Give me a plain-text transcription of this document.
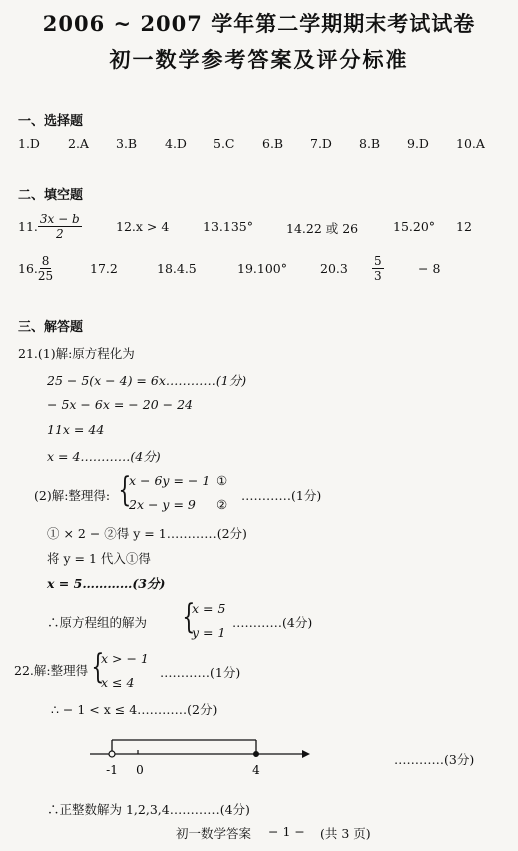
2006 ~ 2007 学年第二学期期末考试试卷
初一数学参考答案及评分标准
一、选择题
1.D 2.A 3.B 4.D 5.C 6.B 7.D 8.B 9.D 10.A
二、填空题
11. $\frac{3x - b}{2}$	12.x > 4	13.135°	14.22 或 26	15.20° 12
16. $\frac{8}{25}$	17.2	18.4.5	19.100°	$20.3 \frac{5}{3}$	− 8
三、解答题
21.(1)解:原方程化为
25 − 5(x − 4) = 6x…………(1分)
− 5x − 6x = − 20 − 24
11x = 44
x = 4…………(4分)
(2)解:整理得: {
x − 6y = − 1 ①
2x − y = 9 ②
…………(1分)
① × 2 − ②得 y = 1…………(2分)
将 y = 1 代入①得
x = 5…………(3分)
∴原方程组的解为 {
x = 5
y = 1
…………(4分)
22.解:整理得 {
x > − 1
x ≤ 4
…………(1分)
∴ − 1 < x ≤ 4…………(2分)
-1 0	4
…………(3分)
∴正整数解为 1,2,3,4…………(4分)
初一数学答案 − 1 − (共 3 页)
